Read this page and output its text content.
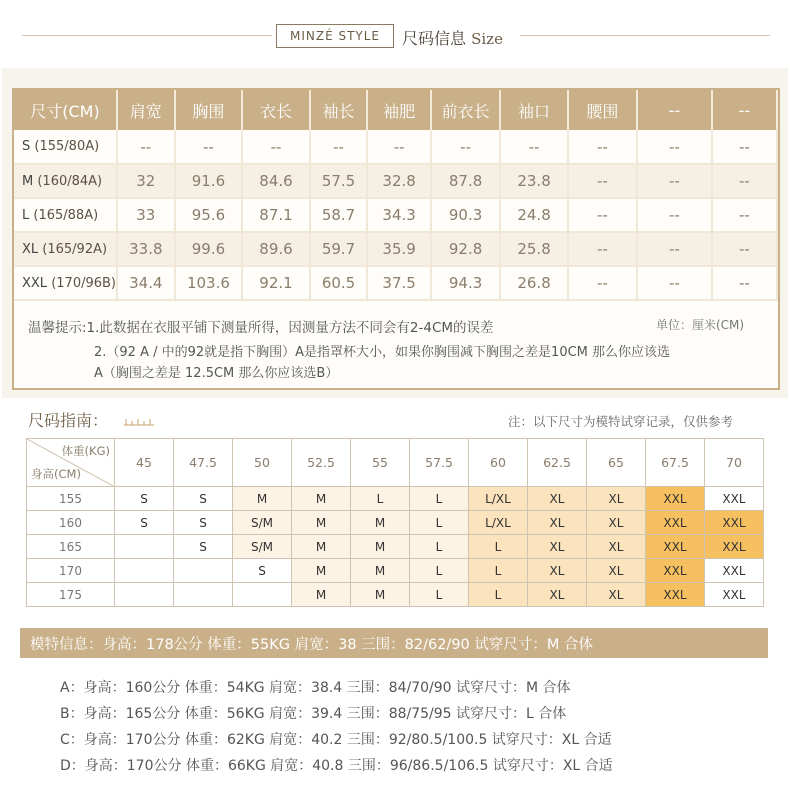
MINZÉ STYLE	尺码信息 Size
尺寸(CM)	肩宽	胸围	衣长	袖长	袖肥	前衣长	袖口	腰围	--	--
S (155/80A)	--	--	--	--	--	--	--	--	--	--
M (160/84A)	32	91.6	84.6	57.5	32.8	87.8	23.8	--	--	--
L (165/88A)	33	95.6	87.1	58.7	34.3	90.3	24.8	--	--	--
XL (165/92A)	33.8	99.6	89.6	59.7	35.9	92.8	25.8	--	--	--
XXL (170/96B)	34.4	103.6	92.1	60.5	37.5	94.3	26.8	--	--	--
温馨提示:1.此数据在衣服平铺下测量所得，因测量方法不同会有2-4CM的误差	单位：厘米(CM)
2.（92 A / 中的92就是指下胸围）A是指罩杯大小，如果你胸围减下胸围之差是10CM 那么你应该选A（胸围之差是 12.5CM 那么你应该选B）
尺码指南：	注：以下尺寸为模特试穿记录，仅供参考
体重(KG)
身高(CM)	45	47.5	50	52.5	55	57.5	60	62.5	65	67.5	70
155	S	S	M	M	L	L	L/XL	XL	XL	XXL	XXL
160	S	S	S/M	M	M	L	L/XL	XL	XL	XXL	XXL
165		S	S/M	M	M	L	L	XL	XL	XXL	XXL
170			S	M	M	L	L	XL	XL	XXL	XXL
175				M	M	L	L	XL	XL	XXL	XXL
模特信息：身高：178公分 体重：55KG 肩宽：38 三围：82/62/90 试穿尺寸：M 合体
A：身高：160公分 体重：54KG 肩宽：38.4 三围：84/70/90 试穿尺寸：M 合体
B：身高：165公分 体重：56KG 肩宽：39.4 三围：88/75/95 试穿尺寸：L 合体
C：身高：170公分 体重：62KG 肩宽：40.2 三围：92/80.5/100.5 试穿尺寸：XL 合适
D：身高：170公分 体重：66KG 肩宽：40.8 三围：96/86.5/106.5 试穿尺寸：XL 合适
